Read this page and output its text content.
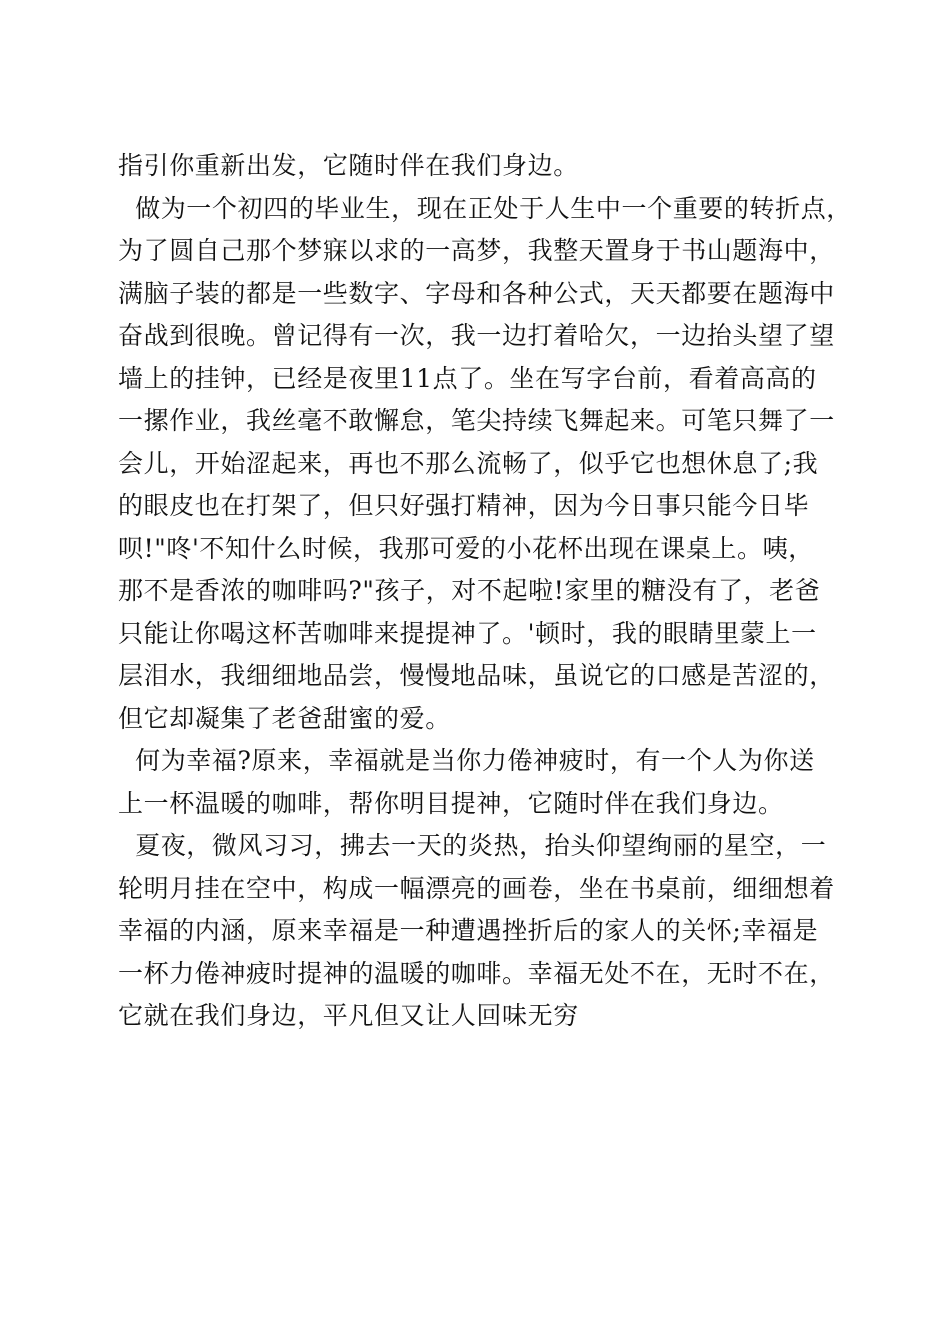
指引你重新出发，它随时伴在我们身边。
做为一个初四的毕业生，现在正处于人生中一个重要的转折点，
为了圆自己那个梦寐以求的一高梦，我整天置身于书山题海中，
满脑子装的都是一些数字、字母和各种公式，天天都要在题海中
奋战到很晚。曾记得有一次，我一边打着哈欠，一边抬头望了望
墙上的挂钟，已经是夜里11点了。坐在写字台前，看着高高的
一摞作业，我丝毫不敢懈怠，笔尖持续飞舞起来。可笔只舞了一
会儿，开始涩起来，再也不那么流畅了，似乎它也想休息了;我
的眼皮也在打架了，但只好强打精神，因为今日事只能今日毕
呗!"咚'不知什么时候，我那可爱的小花杯出现在课桌上。咦，
那不是香浓的咖啡吗?"孩子，对不起啦!家里的糖没有了，老爸
只能让你喝这杯苦咖啡来提提神了。'顿时，我的眼睛里蒙上一
层泪水，我细细地品尝，慢慢地品味，虽说它的口感是苦涩的，
但它却凝集了老爸甜蜜的爱。
何为幸福?原来，幸福就是当你力倦神疲时，有一个人为你送
上一杯温暖的咖啡，帮你明目提神，它随时伴在我们身边。
夏夜，微风习习，拂去一天的炎热，抬头仰望绚丽的星空，一
轮明月挂在空中，构成一幅漂亮的画卷，坐在书桌前，细细想着
幸福的内涵，原来幸福是一种遭遇挫折后的家人的关怀;幸福是
一杯力倦神疲时提神的温暖的咖啡。幸福无处不在，无时不在，
它就在我们身边，平凡但又让人回味无穷
